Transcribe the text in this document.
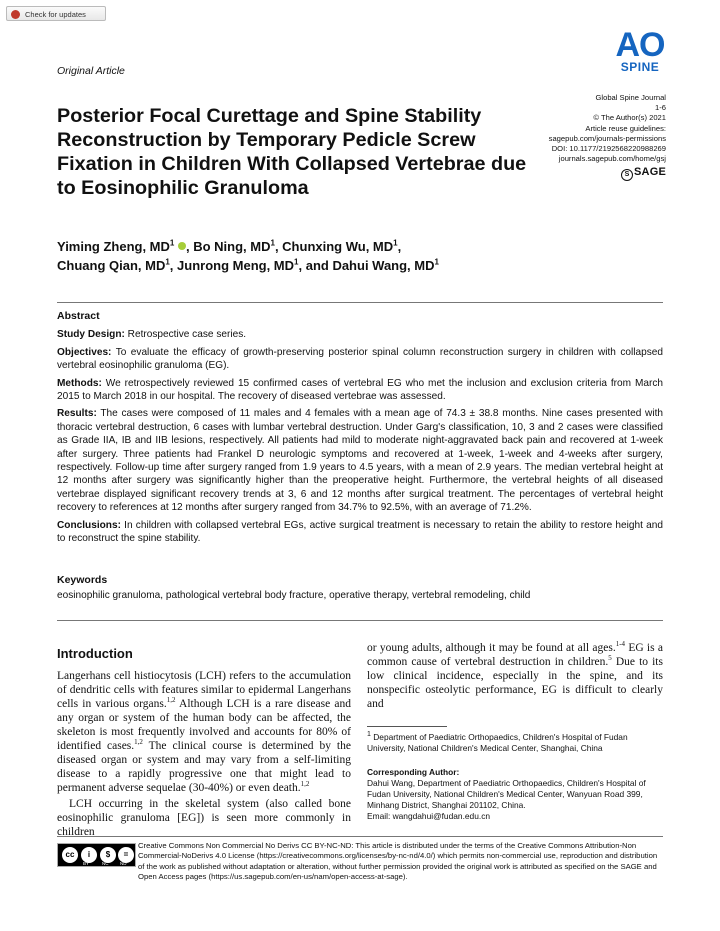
Check for updates
Original Article
AO
SPINE
Posterior Focal Curettage and Spine Stability Reconstruction by Temporary Pedicle Screw Fixation in Children With Collapsed Vertebrae due to Eosinophilic Granuloma
Global Spine Journal
1-6
© The Author(s) 2021
Article reuse guidelines:
sagepub.com/journals-permissions
DOI: 10.1177/2192568220988269
journals.sagepub.com/home/gsj
S SAGE
Yiming Zheng, $MD^1$ , Bo Ning, $MD^1$, Chunxing Wu, $MD^1$,
Chuang Qian, $MD^1$, Junrong Meng, $MD^1$, and Dahui Wang, $MD^1$
Abstract

Study Design: Retrospective case series.

Objectives: To evaluate the efficacy of growth-preserving posterior spinal column reconstruction surgery in children with collapsed vertebral eosinophilic granuloma (EG).

Methods: We retrospectively reviewed 15 confirmed cases of vertebral EG who met the inclusion and exclusion criteria from March 2015 to March 2018 in our hospital. The recovery of diseased vertebrae was assessed.

Results: The cases were composed of 11 males and 4 females with a mean age of 74.3 ± 38.8 months. Nine cases presented with thoracic vertebral destruction, 6 cases with lumbar vertebral destruction. Under Garg's classification, 10, 3 and 2 cases were classified as Grade IIA, IB and IIB lesions, respectively. All patients had mild to moderate night-aggravated back pain and recovered at 1-week after surgery. Three patients had Frankel D neurologic symptoms and recovered at 1-week, 1-week and 4-weeks after surgery, respectively. Follow-up time after surgery ranged from 1.9 years to 4.5 years, with a mean of 2.9 years. The median vertebral height at 12 months after surgery was significantly higher than the preoperative height. Furthermore, the vertebral heights of all diseased vertebrae displayed significant recovery trends at 3, 6 and 12 months after surgical treatment. The percentages of vertebral height recovery to references at 12 months after surgery ranged from 34.7% to 92.5%, with an average of 71.2%.

Conclusions: In children with collapsed vertebral EGs, active surgical treatment is necessary to retain the ability to restore height and to reconstruct the spine stability.

Keywords
eosinophilic granuloma, pathological vertebral body fracture, operative therapy, vertebral remodeling, child
Introduction

Langerhans cell histiocytosis (LCH) refers to the accumulation of dendritic cells with features similar to epidermal Langerhans cells in various organs.$^{1,2}$ Although LCH is a rare disease and any organ or system of the human body can be affected, the skeleton is most frequently involved and accounts for 80% of identified cases.$^{1,2}$ The clinical course is determined by the diseased organ or system and may vary from a self-limiting disease to a rapidly progressive one that might lead to permanent adverse sequelae (30-40%) or even death.$^{1,2}$

LCH occurring in the skeletal system (also called bone eosinophilic granuloma [EG]) is seen more commonly in children

or young adults, although it may be found at all ages.$^{1-4}$ EG is a common cause of vertebral destruction in children.$^5$ Due to its low clinical incidence, especially in the spine, and its nonspecific osteolytic performance, EG is difficult to clearly and
$^1$ Department of Paediatric Orthopaedics, Children's Hospital of Fudan University, National Children's Medical Center, Shanghai, China
Corresponding Author:
Dahui Wang, Department of Paediatric Orthopaedics, Children's Hospital of Fudan University, National Children's Medical Center, Wanyuan Road 399, Minhang District, Shanghai 201102, China.
Email: wangdahui@fudan.edu.cn
cc	i	$	=
BY	NC	ND
Creative Commons Non Commercial No Derivs CC BY-NC-ND: This article is distributed under the terms of the Creative Commons Attribution-Non Commercial-NoDerivs 4.0 License (https://creativecommons.org/licenses/by-nc-nd/4.0/) which permits non-commercial use, reproduction and distribution of the work as published without adaptation or alteration, without further permission provided the original work is attributed as specified on the SAGE and Open Access pages (https://us.sagepub.com/en-us/nam/open-access-at-sage).
